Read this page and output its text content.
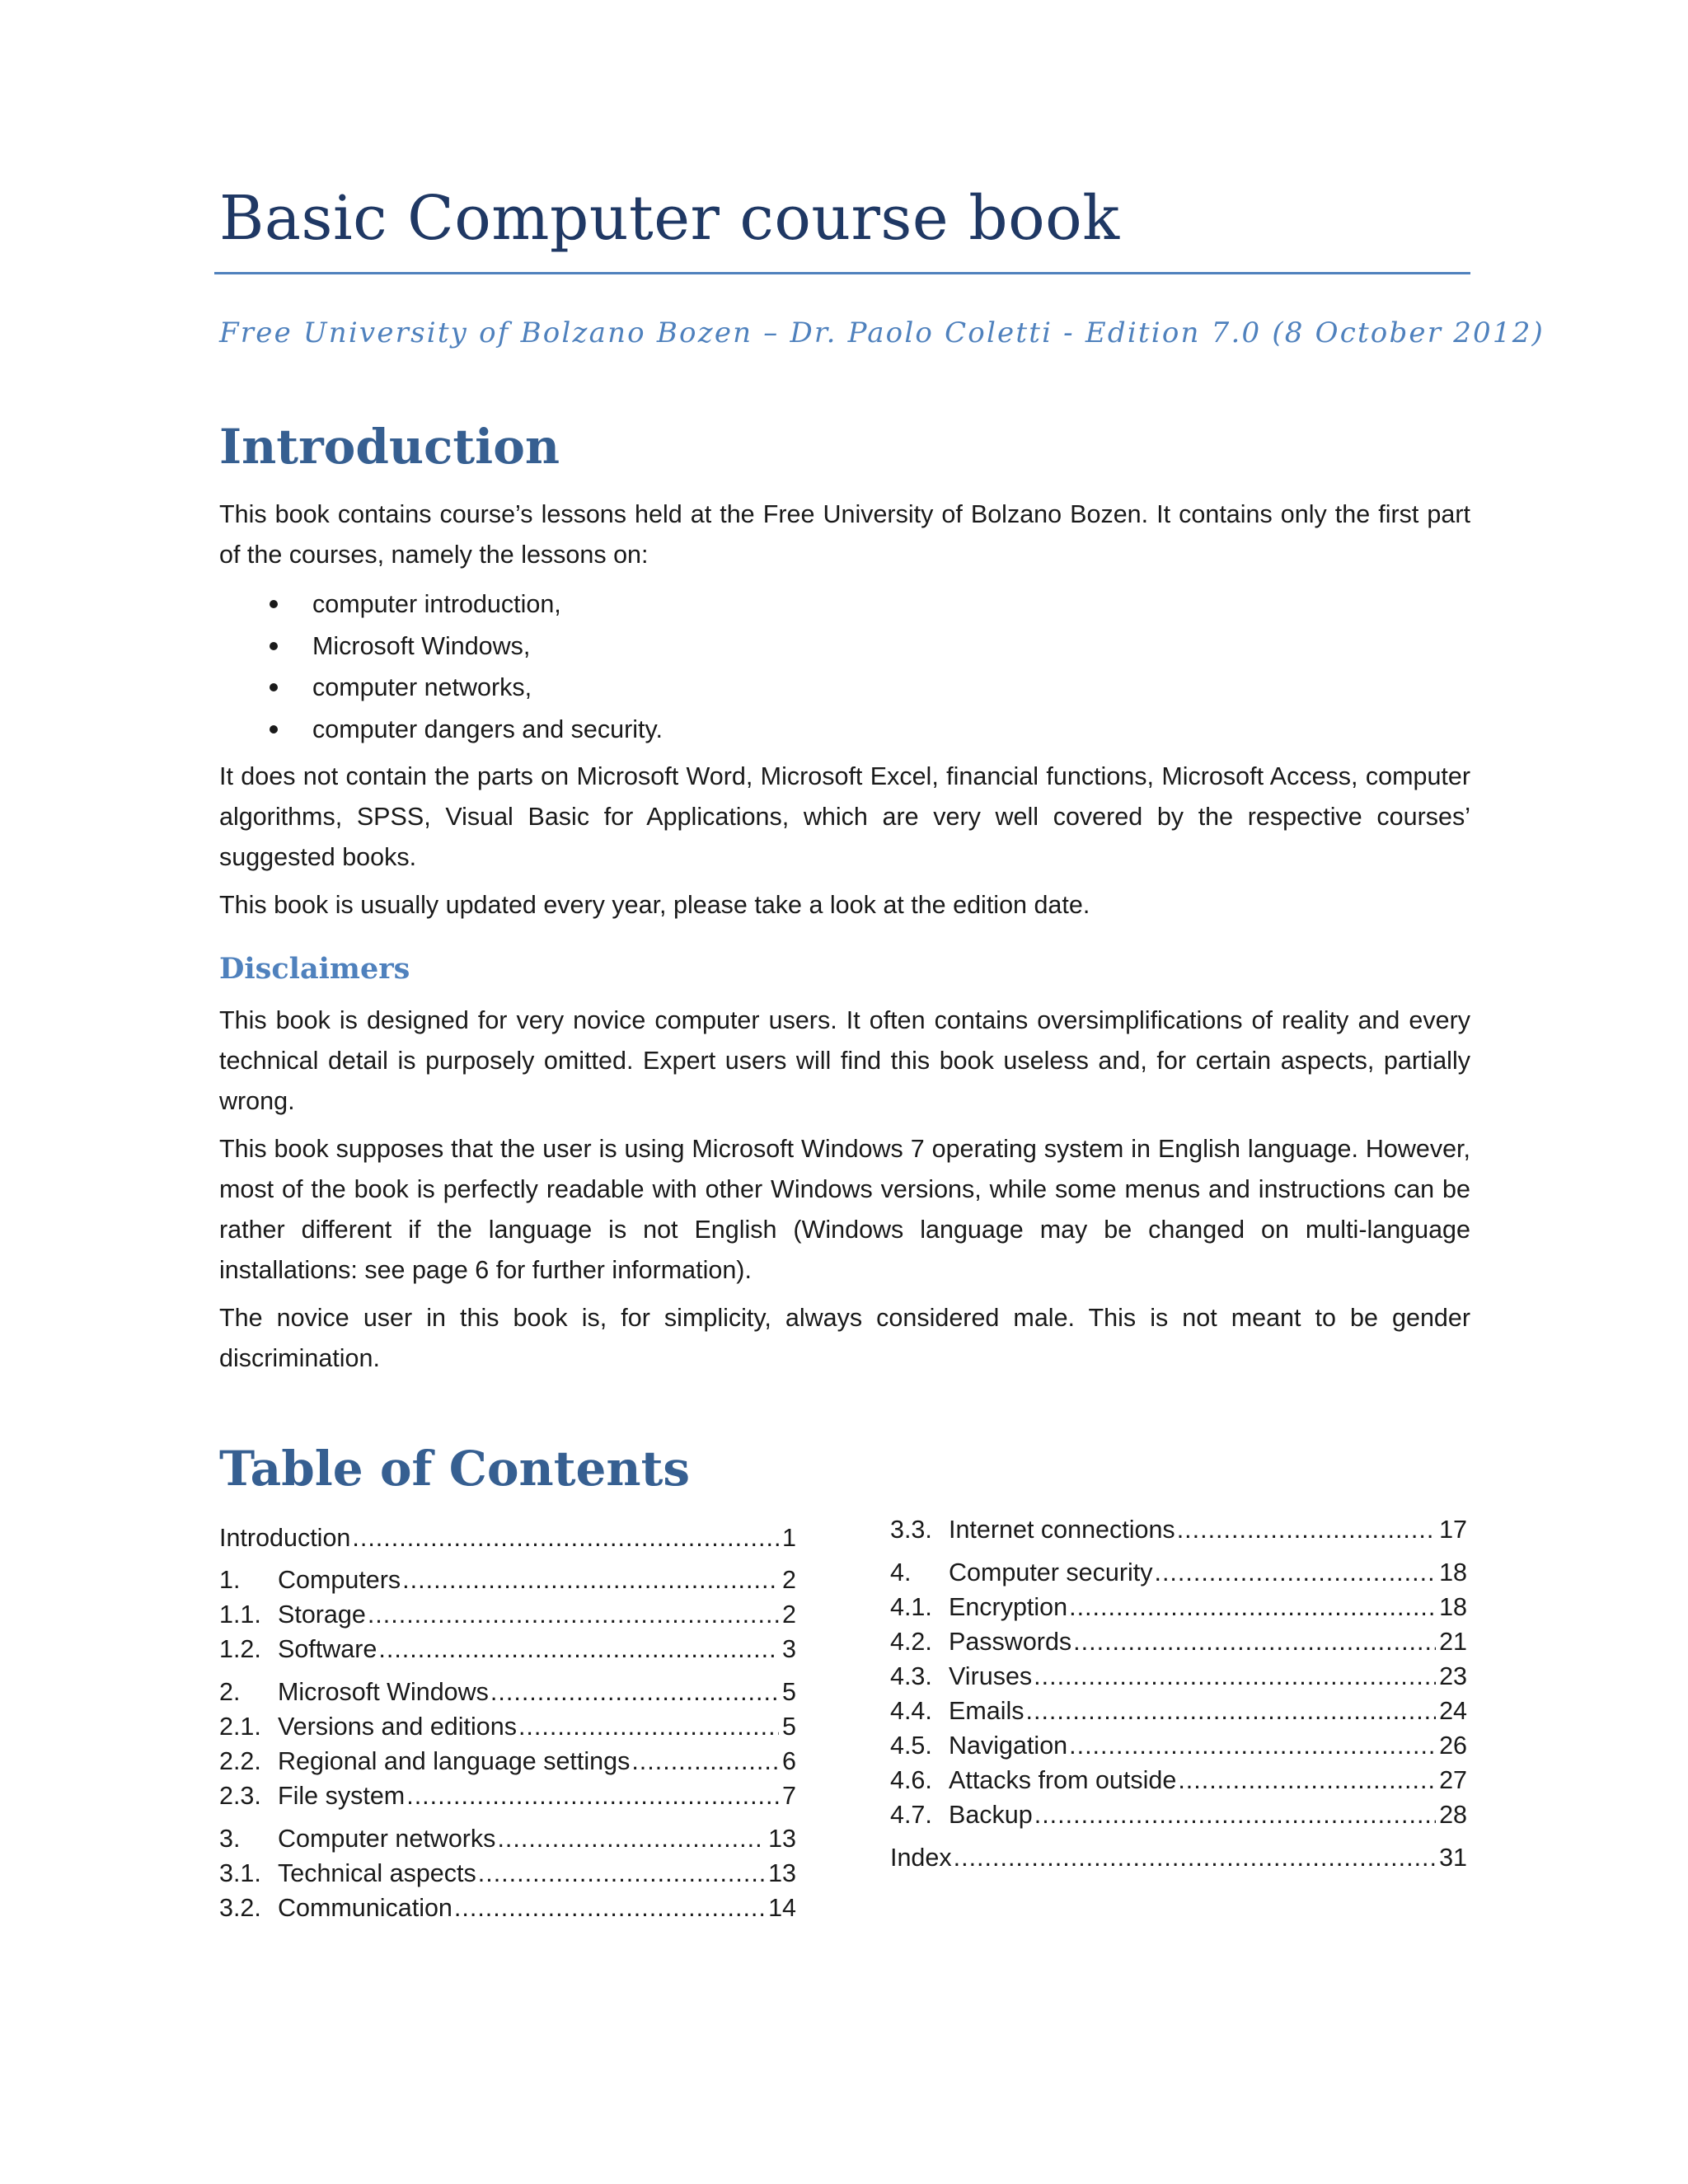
Basic Computer course book
Free University of Bolzano Bozen – Dr. Paolo Coletti - Edition 7.0 (8 October 2012)
Introduction

This book contains course’s lessons held at the Free University of Bolzano Bozen. It contains only the first part of the courses, namely the lessons on:

computer introduction,
Microsoft Windows,
computer networks,
computer dangers and security.

It does not contain the parts on Microsoft Word, Microsoft Excel, financial functions, Microsoft Access, computer algorithms, SPSS, Visual Basic for Applications, which are very well covered by the respective courses’ suggested books.

This book is usually updated every year, please take a look at the edition date.

Disclaimers

This book is designed for very novice computer users. It often contains oversimplifications of reality and every technical detail is purposely omitted. Expert users will find this book useless and, for certain aspects, partially wrong.

This book supposes that the user is using Microsoft Windows 7 operating system in English language. However, most of the book is perfectly readable with other Windows versions, while some menus and instructions can be rather different if the language is not English (Windows language may be changed on multi-language installations: see page 6 for further information).

The novice user in this book is, for simplicity, always considered male. This is not meant to be gender discrimination.

Table of Contents
Introduction .....	1
1.	Computers .....	2
1.1. Storage .....	2
1.2. Software .....	3
2.	Microsoft Windows .....	5
2.1. Versions and editions .....	5
2.2. Regional and language settings .....	6
2.3. File system .....	7
3.	Computer networks .....	13
3.1. Technical aspects .....	13
3.2. Communication .....	14
3.3. Internet connections .....	17
4.	Computer security .....	18
4.1. Encryption .....	18
4.2. Passwords .....	21
4.3. Viruses .....	23
4.4. Emails .....	24
4.5. Navigation .....	26
4.6. Attacks from outside .....	27
4.7. Backup .....	28
Index .....	31
